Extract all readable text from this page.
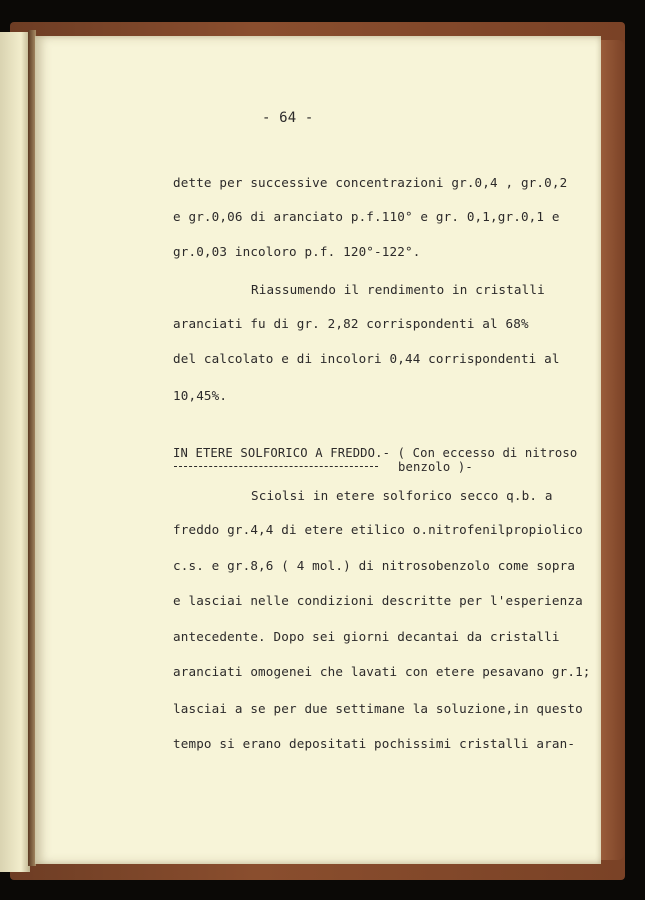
- 64 -
dette per successive concentrazioni gr.0,4 , gr.0,2
e gr.0,06 di aranciato p.f.110° e gr. 0,1,gr.0,1 e
gr.0,03 incoloro p.f. 120°-122°.
Riassumendo il rendimento in cristalli
aranciati fu di gr. 2,82 corrispondenti al 68%
del calcolato e di incolori 0,44 corrispondenti al
10,45%.
IN ETERE SOLFORICO A FREDDO.- ( Con eccesso di nitroso
benzolo )-
Sciolsi in etere solforico secco q.b. a
freddo gr.4,4 di etere etilico o.nitrofenilpropiolico
c.s. e gr.8,6 ( 4 mol.) di nitrosobenzolo come sopra
e lasciai nelle condizioni descritte per l'esperienza
antecedente. Dopo sei giorni decantai da cristalli
aranciati omogenei che lavati con etere pesavano gr.1;
lasciai a se per due settimane la soluzione,in questo
tempo si erano depositati pochissimi cristalli aran-
